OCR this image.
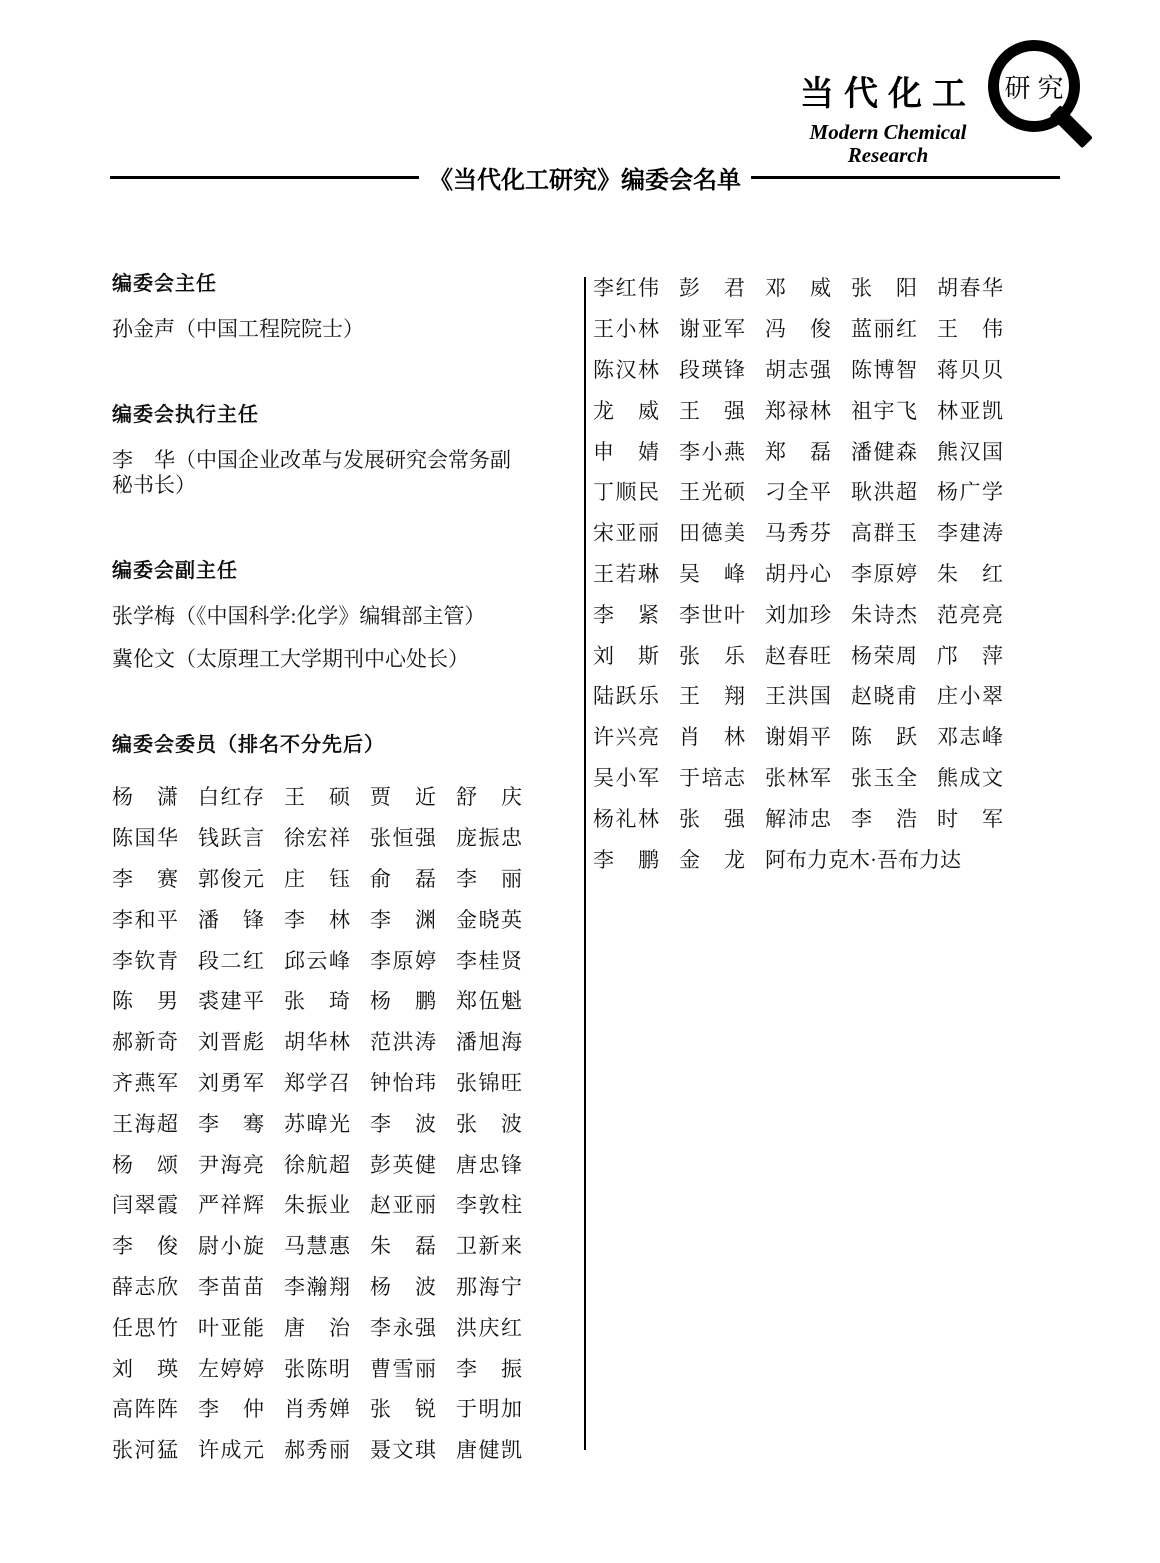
当代化工
Modern Chemical
Research
研究
《当代化工研究》编委会名单
编委会主任
孙金声（中国工程院院士）
编委会执行主任
李　华（中国企业改革与发展研究会常务副秘书长）
编委会副主任
张学梅（《中国科学:化学》编辑部主管）
冀伦文（太原理工大学期刊中心处长）
编委会委员（排名不分先后）
杨　潇 白红存 王　硕 贾　近 舒　庆
陈国华 钱跃言 徐宏祥 张恒强 庞振忠
李　赛 郭俊元 庄　钰 俞　磊 李　丽
李和平 潘　锋 李　林 李　渊 金晓英
李钦青 段二红 邱云峰 李原婷 李桂贤
陈　男 裘建平 张　琦 杨　鹏 郑伍魁
郝新奇 刘晋彪 胡华林 范洪涛 潘旭海
齐燕军 刘勇军 郑学召 钟怡玮 张锦旺
王海超 李　骞 苏暐光 李　波 张　波
杨　颂 尹海亮 徐航超 彭英健 唐忠锋
闫翠霞 严祥辉 朱振业 赵亚丽 李敦柱
李　俊 尉小旋 马慧惠 朱　磊 卫新来
薛志欣 李苗苗 李瀚翔 杨　波 那海宁
任思竹 叶亚能 唐　治 李永强 洪庆红
刘　瑛 左婷婷 张陈明 曹雪丽 李　振
高阵阵 李　仲 肖秀婵 张　锐 于明加
张河猛 许成元 郝秀丽 聂文琪 唐健凯
李红伟 彭　君 邓　威 张　阳 胡春华
王小林 谢亚军 冯　俊 蓝丽红 王　伟
陈汉林 段瑛锋 胡志强 陈博智 蒋贝贝
龙　威 王　强 郑禄林 祖宇飞 林亚凯
申　婧 李小燕 郑　磊 潘健森 熊汉国
丁顺民 王光硕 刁全平 耿洪超 杨广学
宋亚丽 田德美 马秀芬 高群玉 李建涛
王若琳 吴　峰 胡丹心 李原婷 朱　红
李　紧 李世叶 刘加珍 朱诗杰 范亮亮
刘　斯 张　乐 赵春旺 杨荣周 邝　萍
陆跃乐 王　翔 王洪国 赵晓甫 庄小翠
许兴亮 肖　林 谢娟平 陈　跃 邓志峰
吴小军 于培志 张林军 张玉全 熊成文
杨礼林 张　强 解沛忠 李　浩 时　军
李　鹏 金　龙 阿布力克木·吾布力达
